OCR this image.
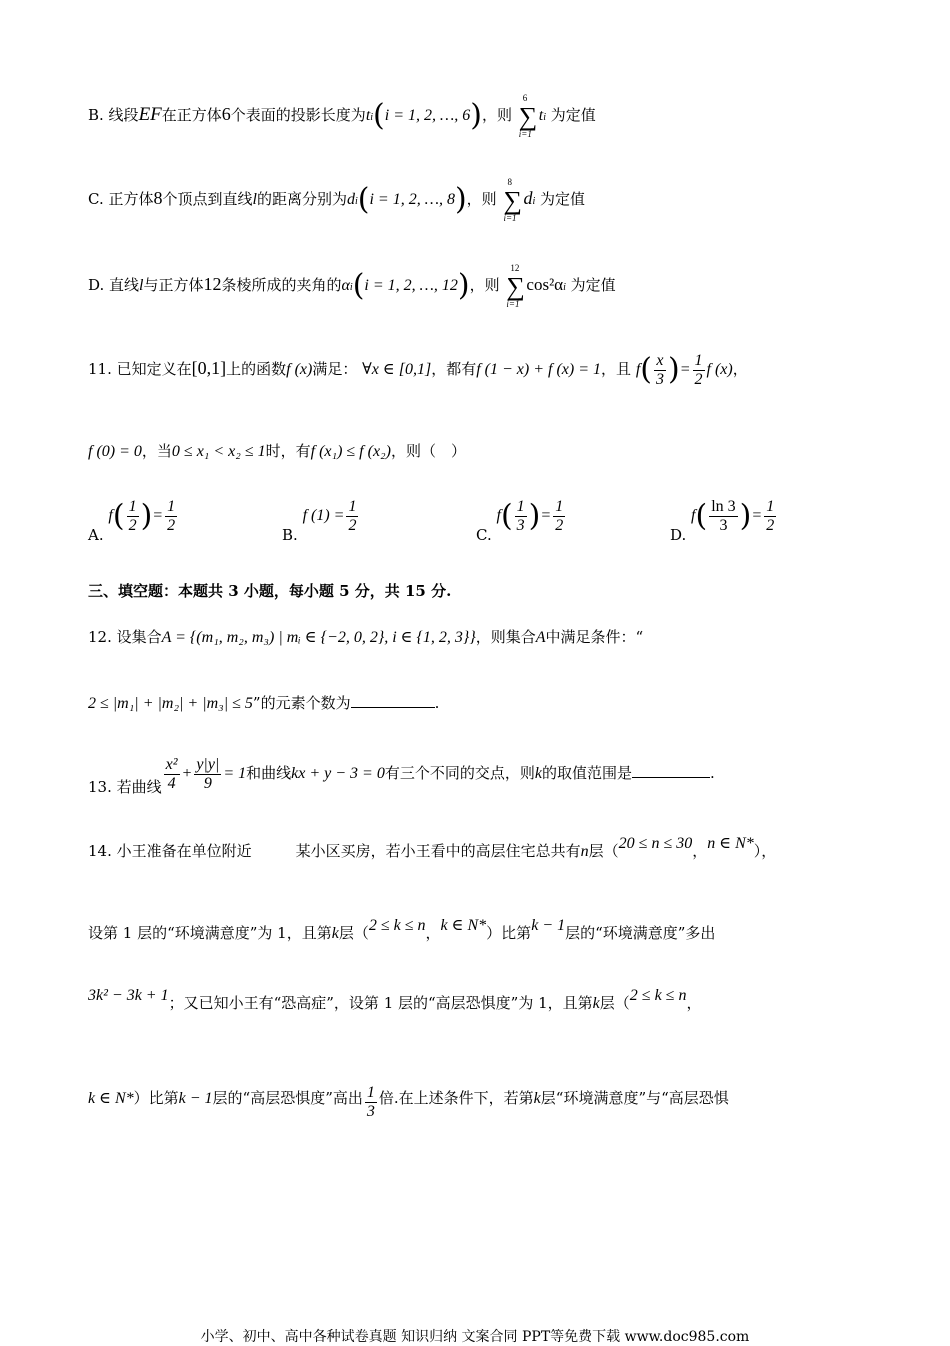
B. 线段EF在正方体6个表面的投影长度为ti(i = 1, 2, …, 6)，则
6
∑
i=1
ti 为定值
C. 正方体8个顶点到直线l的距离分别为di(i = 1, 2, …, 8)，则
8
∑
i=1
di 为定值
D. 直线l与正方体12条棱所成的夹角的αi(i = 1, 2, …, 12)，则
12
∑
i=1
cos²αi 为定值
11. 已知定义在[0,1]上的函数f (x)满足： ∀x ∈ [0,1]，都有f (1 − x) + f (x) = 1，且 $f( \frac{x}{3}$ )= $\frac{1}{2}$ f (x)，
f (0) = 0，当0 ≤ x₁ < x₂ ≤ 1时，有f (x₁) ≤ f (x₂)，则（　）
A. $f( \frac{1}{2}$ )= $\frac{1}{2}$
B. f $(1) = \frac{1}{2}$
C. $f( \frac{1}{3}$ )= $\frac{1}{2}$
D. $f( \frac{\ln 3}{3}$ )= $\frac{1}{2}$
三、填空题：本题共 3 小题，每小题 5 分，共 15 分.
12. 设集合A = {(m₁, m₂, m₃) | mᵢ ∈ {−2, 0, 2}, i ∈ {1, 2, 3}}，则集合A中满足条件：“
2 ≤ |m₁| + |m₂| + |m₃| ≤ 5”的元素个数为	.
13. 若曲线 $\frac{\text{x²}}{4} + \frac{y|y|}{9} = 1$和曲线kx + y − 3 = 0有三个不同的交点，则k的取值范围是	.
14. 小王准备在单位附近	某小区买房，若小王看中的高层住宅总共有n层（20 ≤ n ≤ 30，n ∈ N*），
设第 1 层的“环境满意度”为 1，且第k层（2 ≤ k ≤ n，k ∈ N*）比第k − 1层的“环境满意度”多出
3k² − 3k + 1；又已知小王有“恐高症”，设第 1 层的“高层恐惧度”为 1，且第k层（2 ≤ k ≤ n，
k ∈ N*）比第k − 1层的“高层恐惧度”高出 $\frac{1}{3}$ 倍.在上述条件下，若第k层“环境满意度”与“高层恐惧
小学、初中、高中各种试卷真题 知识归纳 文案合同 PPT等免费下载 www.doc985.com
